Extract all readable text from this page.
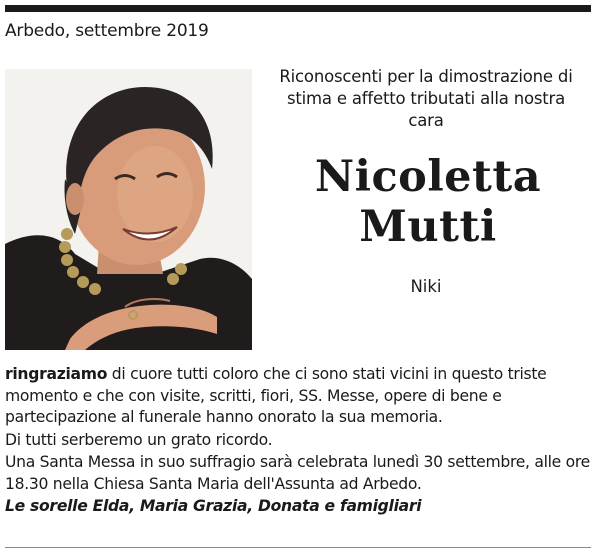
Arbedo, settembre 2019
Riconoscenti per la dimostrazione di stima e affetto tributati alla nostra cara
Nicoletta
Mutti
Niki

ringraziamo di cuore tutti coloro che ci sono stati vicini in questo triste momento e che con visite, scritti, fiori, SS. Messe, opere di bene e partecipazione al funerale hanno onorato la sua memoria.

Di tutti serberemo un grato ricordo.

Una Santa Messa in suo suffragio sarà celebrata lunedì 30 settembre, alle ore 18.30 nella Chiesa Santa Maria dell'Assunta ad Arbedo.

Le sorelle Elda, Maria Grazia, Donata e famigliari
